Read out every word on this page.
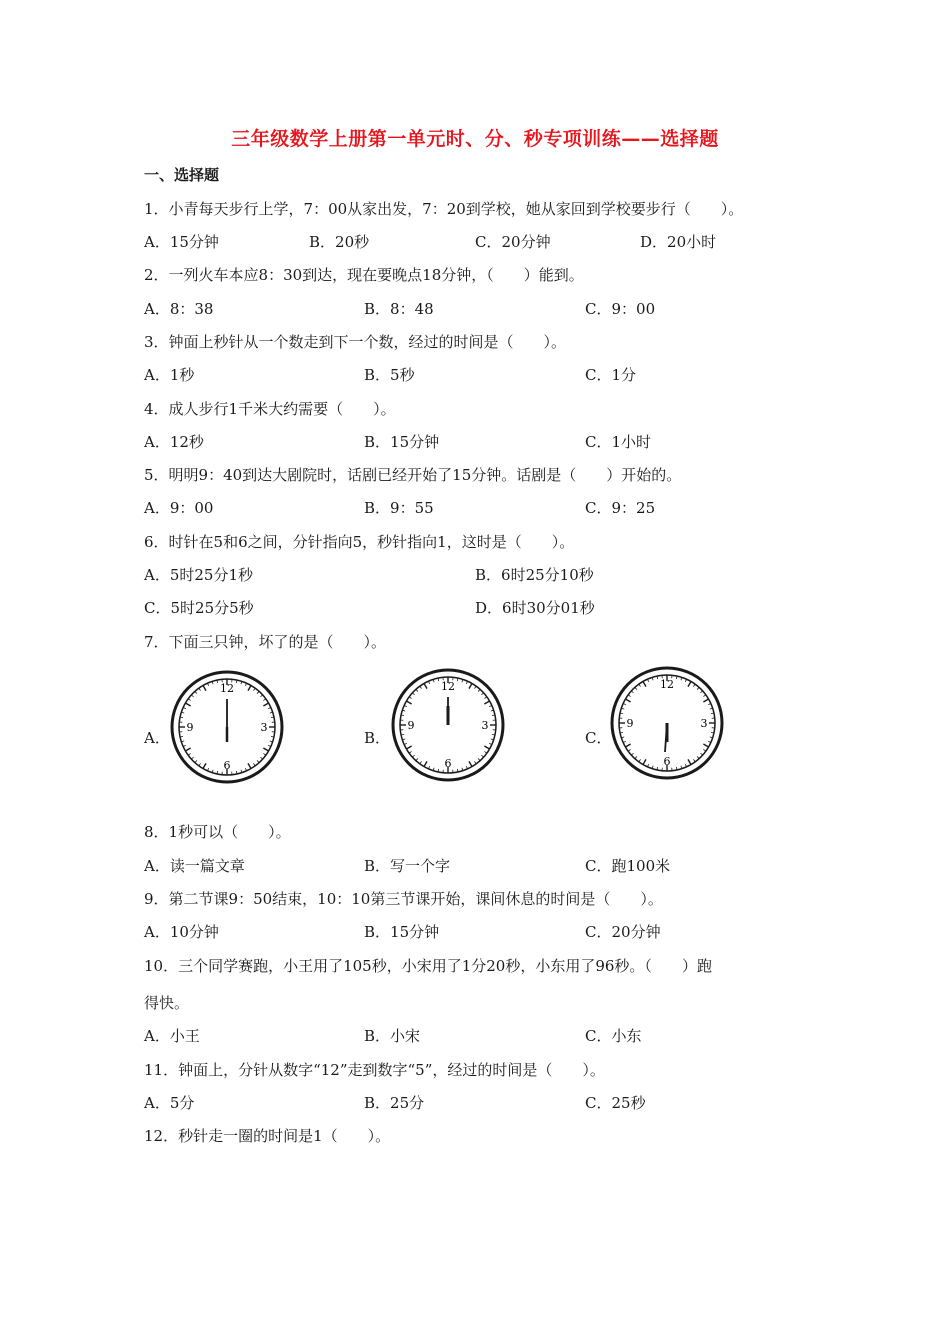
三年级数学上册第一单元时、分、秒专项训练——选择题
一、选择题
1．小青每天步行上学，7：00从家出发，7：20到学校，她从家回到学校要步行（　　）。
A．15分钟	B．20秒	C．20分钟	D．20小时
2．一列火车本应8：30到达，现在要晚点18分钟，（　　）能到。
A．8：38	B．8：48	C．9：00
3．钟面上秒针从一个数走到下一个数，经过的时间是（　　）。
A．1秒	B．5秒	C．1分
4．成人步行1千米大约需要（　　）。
A．12秒	B．15分钟	C．1小时
5．明明9：40到达大剧院时，话剧已经开始了15分钟。话剧是（　　）开始的。
A．9：00	B．9：55	C．9：25
6．时针在5和6之间，分针指向5，秒针指向1，这时是（　　）。
A．5时25分1秒	B．6时25分10秒
C．5时25分5秒	D．6时30分01秒
7．下面三只钟，坏了的是（　　）。
A．	B．	C．
12
3
6
9
12
3
6
9
12
3
6
9
8．1秒可以（　　）。
A．读一篇文章	B．写一个字	C．跑100米
9．第二节课9：50结束，10：10第三节课开始，课间休息的时间是（　　）。
A．10分钟	B．15分钟	C．20分钟
10．三个同学赛跑，小王用了105秒，小宋用了1分20秒，小东用了96秒。（　　）跑
得快。
A．小王	B．小宋	C．小东
11．钟面上，分针从数字“12”走到数字“5”，经过的时间是（　　）。
A．5分	B．25分	C．25秒
12．秒针走一圈的时间是1（　　）。
